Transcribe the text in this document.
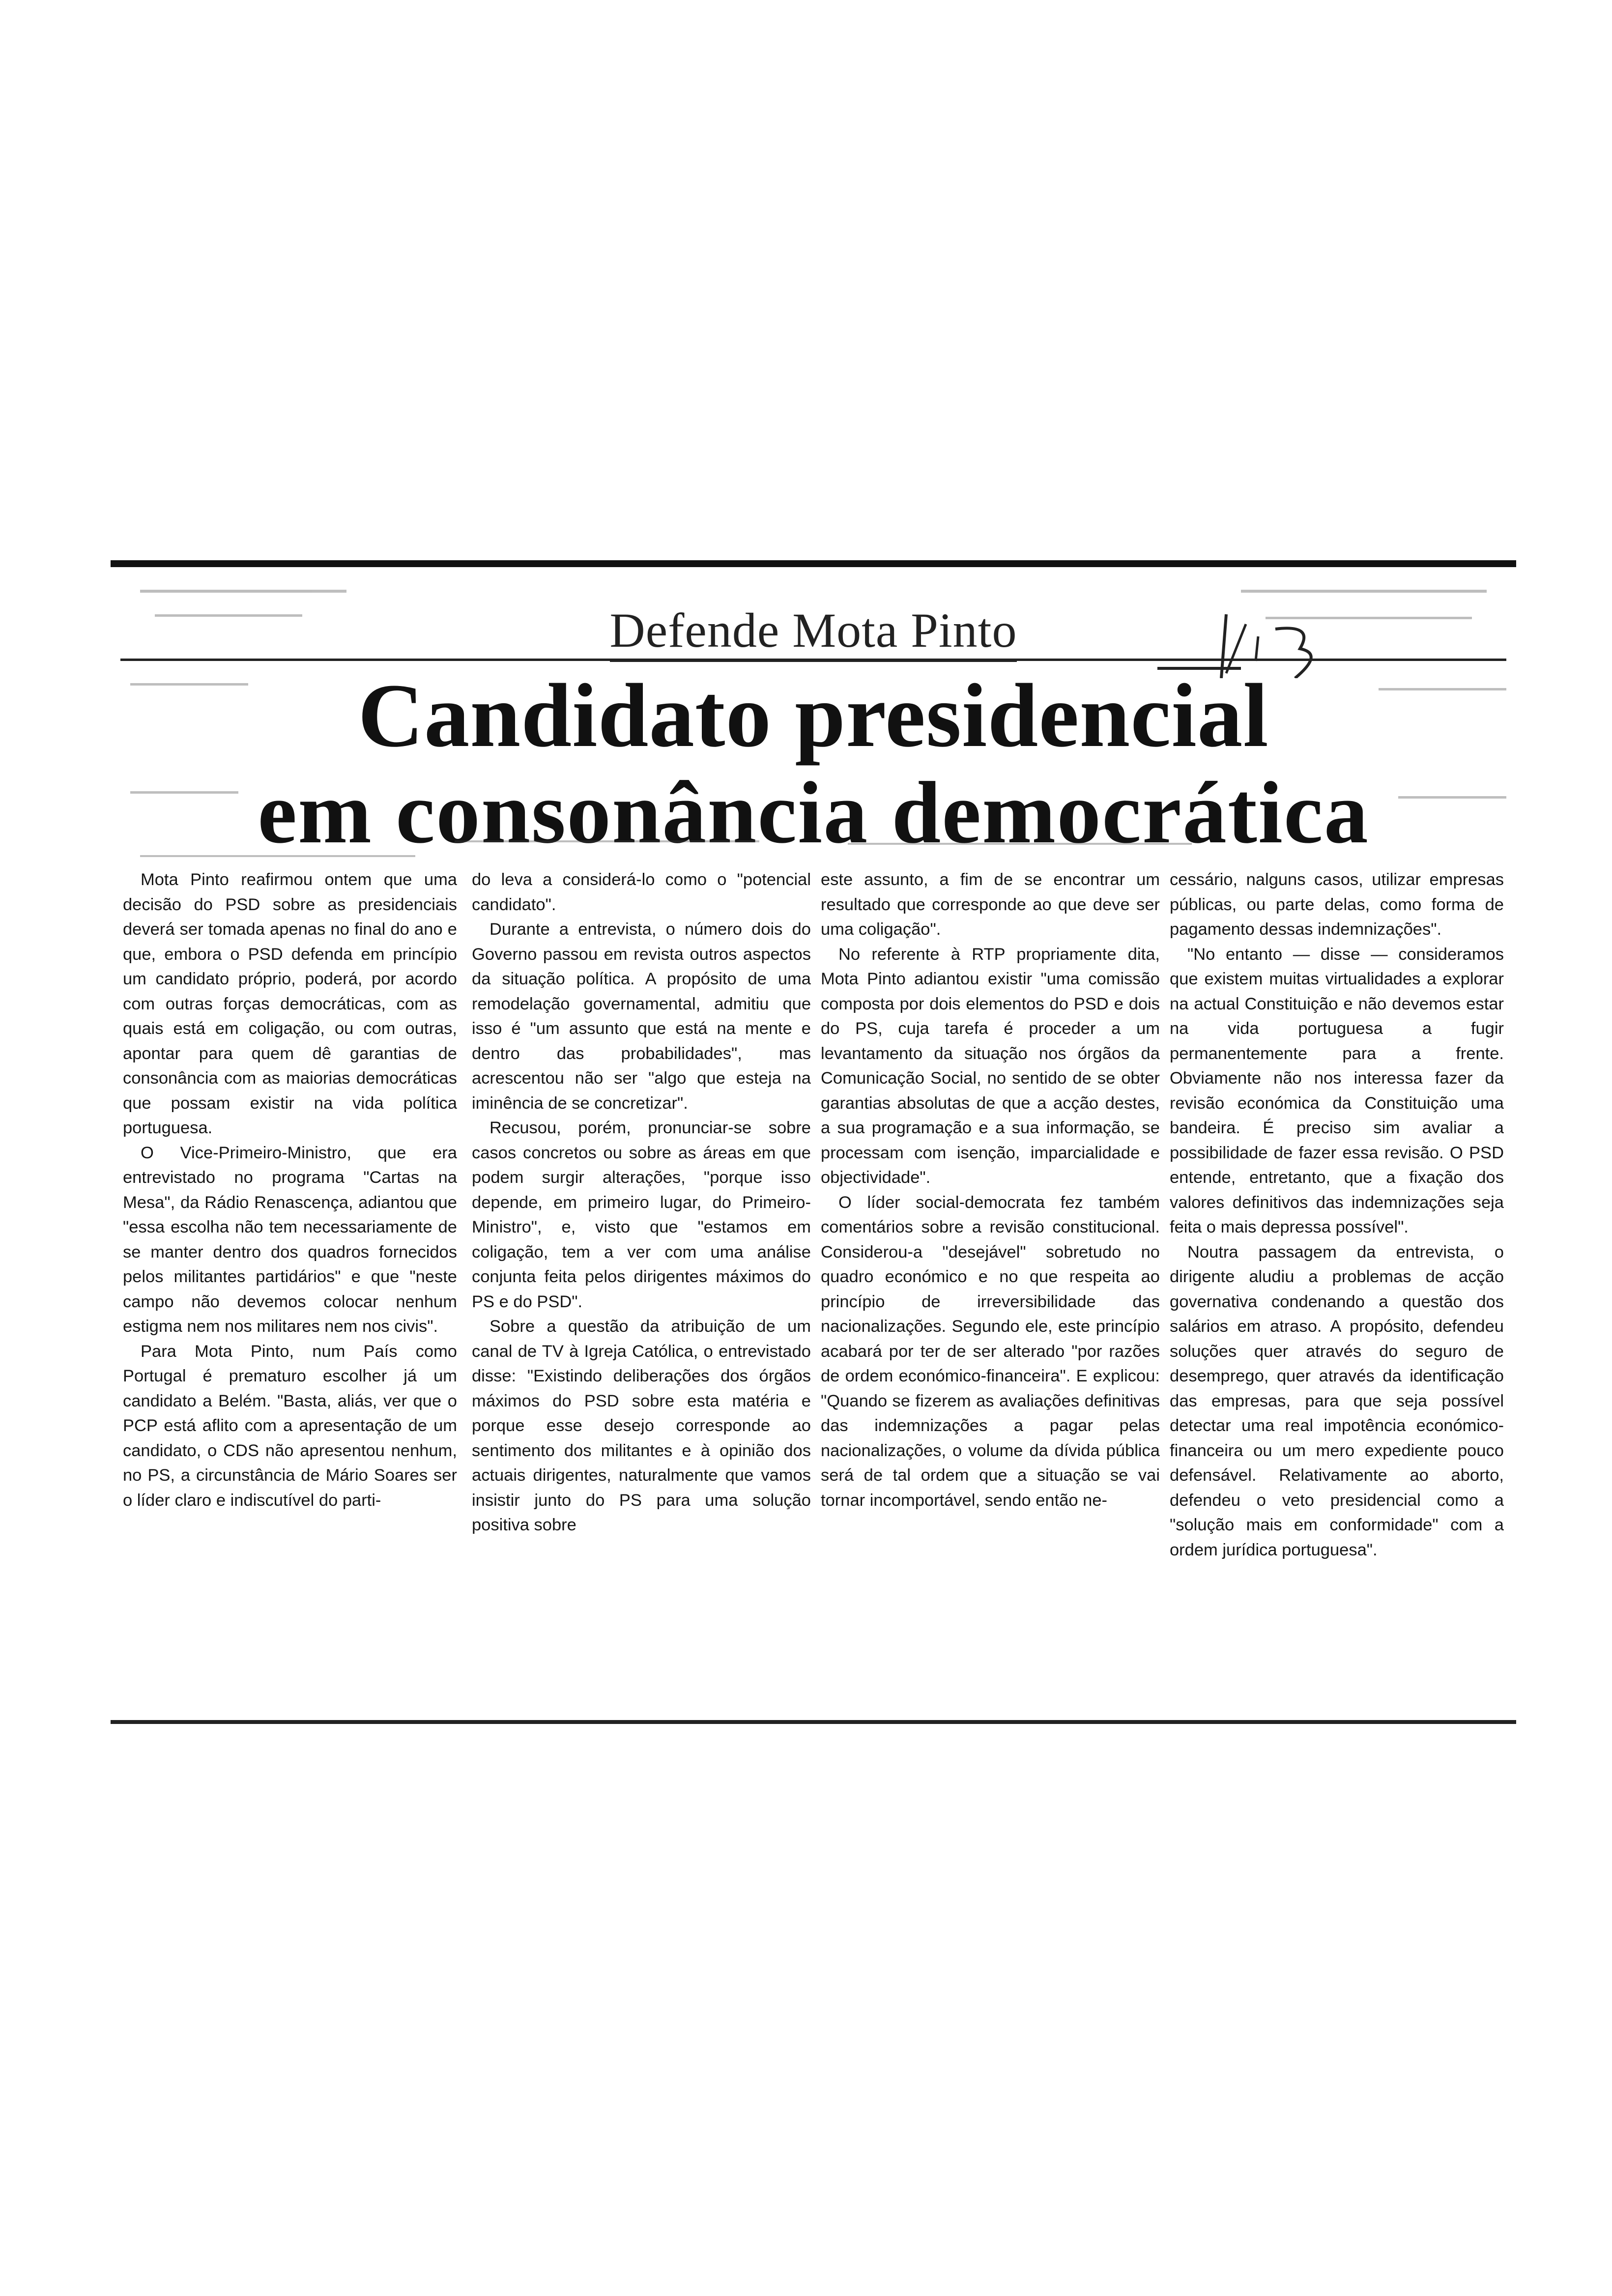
Defende Mota Pinto
1/13
Candidato presidencial
em consonância democrática

Mota Pinto reafirmou ontem que uma decisão do PSD sobre as presidenciais deverá ser tomada apenas no final do ano e que, embora o PSD defenda em princípio um candidato próprio, poderá, por acordo com outras forças democráticas, com as quais está em coligação, ou com outras, apontar para quem dê garantias de consonância com as maiorias democráticas que possam existir na vida política portuguesa.

O Vice-Primeiro-Ministro, que era entrevistado no programa "Cartas na Mesa", da Rádio Renascença, adiantou que "essa escolha não tem necessariamente de se manter dentro dos quadros fornecidos pelos militantes partidários" e que "neste campo não devemos colocar nenhum estigma nem nos militares nem nos civis".

Para Mota Pinto, num País como Portugal é prematuro escolher já um candidato a Belém. "Basta, aliás, ver que o PCP está aflito com a apresentação de um candidato, o CDS não apresentou nenhum, no PS, a circunstância de Mário Soares ser o líder claro e indiscutível do parti-

do leva a considerá-lo como o "potencial candidato".

Durante a entrevista, o número dois do Governo passou em revista outros aspectos da situação política. A propósito de uma remodelação governamental, admitiu que isso é "um assunto que está na mente e dentro das probabilidades", mas acrescentou não ser "algo que esteja na iminência de se concretizar".

Recusou, porém, pronunciar-se sobre casos concretos ou sobre as áreas em que podem surgir alterações, "porque isso depende, em primeiro lugar, do Primeiro-Ministro", e, visto que "estamos em coligação, tem a ver com uma análise conjunta feita pelos dirigentes máximos do PS e do PSD".

Sobre a questão da atribuição de um canal de TV à Igreja Católica, o entrevistado disse: "Existindo deliberações dos órgãos máximos do PSD sobre esta matéria e porque esse desejo corresponde ao sentimento dos militantes e à opinião dos actuais dirigentes, naturalmente que vamos insistir junto do PS para uma solução positiva sobre

este assunto, a fim de se encontrar um resultado que corresponde ao que deve ser uma coligação".

No referente à RTP propriamente dita, Mota Pinto adiantou existir "uma comissão composta por dois elementos do PSD e dois do PS, cuja tarefa é proceder a um levantamento da situação nos órgãos da Comunicação Social, no sentido de se obter garantias absolutas de que a acção destes, a sua programação e a sua informação, se processam com isenção, imparcialidade e objectividade".

O líder social-democrata fez também comentários sobre a revisão constitucional. Considerou-a "desejável" sobretudo no quadro económico e no que respeita ao princípio de irreversibilidade das nacionalizações. Segundo ele, este princípio acabará por ter de ser alterado "por razões de ordem económico-financeira". E explicou: "Quando se fizerem as avaliações definitivas das indemnizações a pagar pelas nacionalizações, o volume da dívida pública será de tal ordem que a situação se vai tornar incomportável, sendo então ne-

cessário, nalguns casos, utilizar empresas públicas, ou parte delas, como forma de pagamento dessas indemnizações".

"No entanto — disse — consideramos que existem muitas virtualidades a explorar na actual Constituição e não devemos estar na vida portuguesa a fugir permanentemente para a frente. Obviamente não nos interessa fazer da revisão económica da Constituição uma bandeira. É preciso sim avaliar a possibilidade de fazer essa revisão. O PSD entende, entretanto, que a fixação dos valores definitivos das indemnizações seja feita o mais depressa possível".

Noutra passagem da entrevista, o dirigente aludiu a problemas de acção governativa condenando a questão dos salários em atraso. A propósito, defendeu soluções quer através do seguro de desemprego, quer através da identificação das empresas, para que seja possível detectar uma real impotência económico-financeira ou um mero expediente pouco defensável. Relativamente ao aborto, defendeu o veto presidencial como a "solução mais em conformidade" com a ordem jurídica portuguesa".
